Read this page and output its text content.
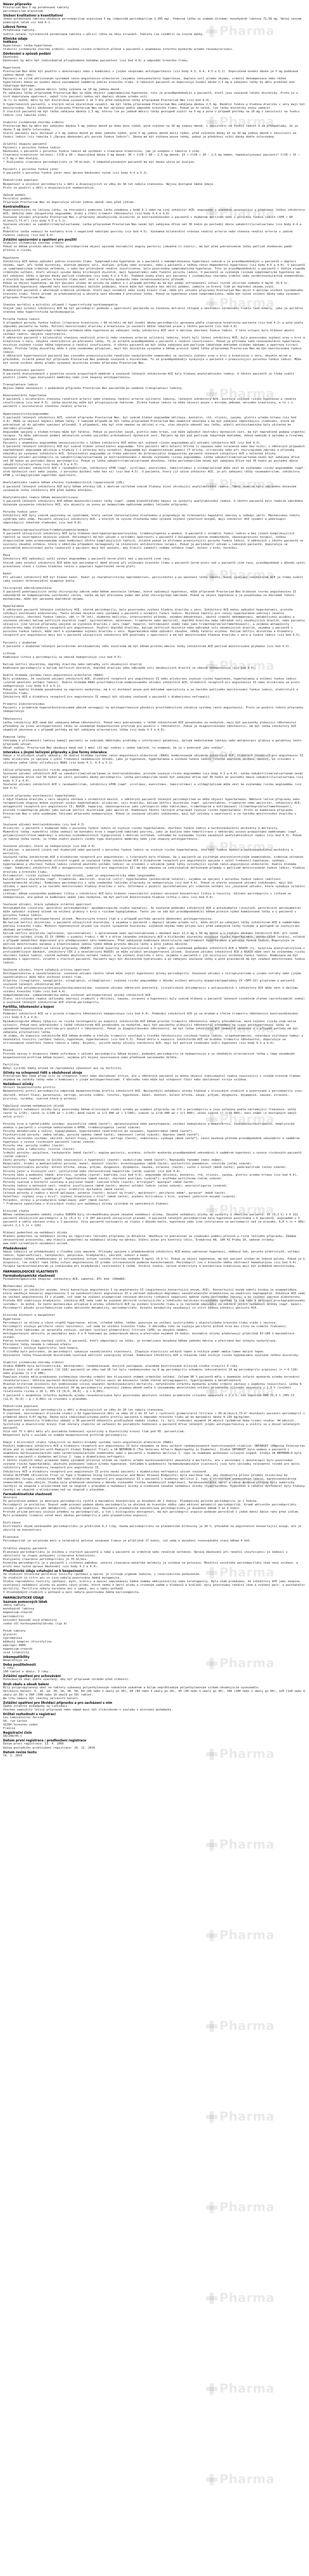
Název přípravku

Prestarium Neo 5 mg potahované tablety
perindoprilum argininum

Složení kvalitativní a kvantitativní

Jedna potahovaná tableta obsahuje perindoprilum argininum 5 mg (odpovídá perindoprilum 3,395 mg). Pomocná látka se známým účinkem: monohydrát laktosy 72,58 mg. Úplný seznam pomocných látek viz bod 6.1.

Léková forma

Potahovaná tableta.
Světle zelená, tyčinkovitá potahovaná tableta s půlicí rýhou na obou stranách. Tabletu lze rozdělit na stejné dávky.

Klinické údaje
Indikace

Hypertenze: léčba hypertenze.
Stabilní ischemická choroba srdeční: snížení rizika srdečních příhod u pacientů s anamnézou infarktu myokardu a/nebo revaskularizací.

Dávkování a způsob podání

Dávkování
Dávkování by mělo být individuálně přizpůsobeno každému pacientovi (viz bod 4.4) a odpovědi krevního tlaku.

Hypertenze
Prestarium Neo může být použito v monoterapii nebo v kombinaci s jinými skupinami antihypertenziv (viz body 4.3, 4.4, 4.5 a 5.1). Doporučená úvodní dávka je 5 mg podávaná jednou denně ráno.
Pacienti se silně aktivovaným systémem renin-angiotensin-aldosteron (zejména renovaskulární hypertenze, deplece solí a/nebo objemu, srdeční dekompenzace nebo těžká hypertenze) mohou po úvodní dávce zaznamenat nadměrný pokles krevního tlaku. U takových pacientů se doporučuje úvodní dávka 2,5 mg a zahájení léčby by mělo probíhat pod lékařským dohledem.
Dávka může být po jednom měsíci léčby zvýšena na 10 mg jednou denně.
Po zahájení léčby přípravkem Prestarium Neo se může objevit symptomatická hypotenze; toto je pravděpodobnější u pacientů, kteří jsou současně léčeni diuretiky. Proto je u nich doporučena opatrnost, neboť tito pacienti mohou mít depleci objemu a/nebo solí.
Je-li to možné, mělo by být diuretikum vysazeno 2 až 3 dny před zahájením léčby přípravkem Prestarium Neo (viz bod 4.4).
U hypertenzních pacientů, u kterých nelze diuretikum vysadit, má být léčba přípravkem Prestarium Neo zahájena dávkou 2,5 mg. Renální funkce a hladina draslíku v séru mají být monitorovány. Další dávkování přípravku Prestarium Neo má být upraveno podle odpovědi krevního tlaku. Pokud je to nutné, lze léčbu diuretiky znovu zahájit.
U starších pacientů má být léčba zahájena dávkou 2,5 mg, kterou lze po jednom měsíci léčby postupně zvýšit na 5 mg a poté v případě potřeby na 10 mg v závislosti na funkci ledvin (viz tabulka níže).

Stabilní ischemická choroba srdeční
Prestarium Neo by mělo být zahájeno dávkou 5 mg jednou denně po dobu dvou týdnů, poté zvýšeno na 10 mg jednou denně, v závislosti na funkci ledvin a za předpokladu, že je dávka 5 mg dobře tolerována.
Starší pacienti mají dostávat 2,5 mg jednou denně po dobu jednoho týdne, poté 5 mg jednou denně další týden, před zvýšením dávky až na 10 mg jednou denně v závislosti na funkci ledvin (viz tabulka 1 „Úprava dávkování při poruše funkce ledvin“). Dávka má být zvýšena pouze tehdy, pokud je předchozí nižší dávka dobře tolerována.

Zvláštní skupiny pacientů
Pacienti s poruchou funkce ledvin
Dávkování u pacientů s poruchou funkce ledvin má vycházet z clearance kreatininu, jak je uvedeno v tabulce 1 níže.
Clearance kreatininu (ml/min): ClCR ≥ 60 — doporučená dávka 5 mg denně; 30 < ClCR < 60 — 2,5 mg denně; 15 < ClCR < 30 — 2,5 mg obden; hemodialyzovaní pacienti* ClCR < 15 — 2,5 mg v den dialýzy.
* Dialyzační clearance perindoprilátu je 70 ml/min. U hemodialyzovaných pacientů má být dávka užita po dialýze.

Pacienti s poruchou funkce jater
U pacientů s poruchou funkce jater není úprava dávkování nutná (viz body 4.4 a 5.2).

Pediatrická populace
Bezpečnost a účinnost perindoprilu u dětí a dospívajících ve věku do 18 let nebyla stanovena. Nejsou dostupné žádné údaje.
Proto se použití u dětí a dospívajících nedoporučuje.

Způsob podání
Perorální podání.
Přípravek Prestarium Neo se doporučuje užívat jednou denně ráno před jídlem.

Kontraindikace

Hypersenzitivita na léčivou látku, na kteroukoli pomocnou látku uvedenou v bodě 6.1 nebo na jiný inhibitor ACE; angioedém v anamnéze související s předchozí léčbou inhibitory ACE; dědičný nebo idiopatický angioedém; druhý a třetí trimestr těhotenství (viz body 4.4 a 4.6).
Současné užívání přípravku Prestarium Neo s přípravky obsahujícími aliskiren je kontraindikováno u pacientů s diabetem mellitem nebo s poruchou funkce ledvin (GFR < 60 ml/min/1,73 m²) (viz body 4.5 a 5.1).
Současné užívání se sakubitrilem/valsartanem. Léčba přípravkem Prestarium Neo nesmí být zahájena dříve než 36 hodin po poslední dávce sakubitrilu/valsartanu (viz body 4.4 a 4.5).
Mimotělní léčba vedoucí ke kontaktu krve s negativně nabitými povrchy (viz bod 4.5). Významná bilaterální stenóza renální arterie nebo stenóza renální arterie u jediné funkční ledviny (viz bod 4.4).

Zvláštní upozornění a opatření pro použití

Stabilní ischemická choroba srdeční
Pokud se během prvního měsíce léčby perindoprilem objeví epizoda nestabilní anginy pectoris (závažná či nikoli), má být před pokračováním léčby pečlivě zhodnocen poměr přínosu a rizika.

Hypotenze
Inhibitory ACE mohou způsobit pokles krevního tlaku. Symptomatická hypotenze je u pacientů s nekomplikovanou hypertenzí vzácná a je pravděpodobnější u pacientů s depleci objemu, např. při léčbě diuretiky, dietním omezení soli, dialýze, průjmu nebo zvracení, nebo u pacientů s těžkou renin-dependentní hypertenzí (viz body 4.5 a 4.8). U pacientů se symptomatickým srdečním selháním, s nebo bez přidružené renální insuficience, byla pozorována symptomatická hypotenze. Toto je pravděpodobnější u pacientů s těžším stupněm srdečního selhání, kteří užívají vysoké dávky kličkových diuretik, mají hyponatremii nebo funkční poruchu ledvin. U pacientů se zvýšeným rizikem symptomatické hypotenze má být zahájení léčby a úprava dávky pečlivě sledována (viz body 4.2 a 4.8). Podobné úvahy platí pro pacienty s ischemickou chorobou srdeční nebo cerebrovaskulárním onemocněním, u kterých by nadměrný pokles krevního tlaku mohl vést k infarktu myokardu nebo cerebrovaskulární příhodě.
Pokud se objeví hypotenze, má být pacient uložen do polohy na zádech a v případě potřeby mu má být podán intravenózní infuzí roztok chloridu sodného 9 mg/ml (0,9 %). Přechodná hypotenzní odpověď není kontraindikací dalšího podávání, které může být obvykle bez obtíží podáno, jakmile se krevní tlak po doplnění objemu zvýší.
U některých pacientů s městnavým srdečním selháním, kteří mají normální nebo nízký krevní tlak, může při užívání přípravku Prestarium Neo dojít k dalšímu snížení systémového krevního tlaku. Tento účinek je předvídatelný a obvykle není důvodem k přerušení léčby. Pokud se hypotenze stane symptomatickou, může být nutné snížení dávky nebo vysazení přípravku Prestarium Neo.

Stenóza aortální a mitrální chlopně / hypertrofická kardiomyopatie
Stejně jako ostatní inhibitory ACE má být perindopril podáván s opatrností pacientům se stenózou mitrální chlopně a obstrukcí výtokového traktu levé komory, jako je aortální stenóza nebo hypertrofická kardiomyopatie.

Porucha funkce ledvin
V případech poruchy funkce ledvin (clearance kreatininu < 60 ml/min) má být úvodní dávka perindoprilu upravena podle clearance kreatininu pacienta (viz bod 4.2) a poté podle odpovědi pacienta na léčbu. Rutinní monitorování draslíku a kreatininu je součástí běžné lékařské praxe u těchto pacientů (viz bod 4.8).
U pacientů se symptomatickým srdečním selháním může hypotenze po zahájení léčby inhibitory ACE vést k dalšímu zhoršení funkce ledvin. V této situaci bylo hlášeno akutní selhání ledvin, obvykle reverzibilní.
U některých pacientů s bilaterální stenózou renálních arterií nebo stenózou arterie solitární ledviny, kteří byli léčeni inhibitory ACE, bylo pozorováno zvýšení urey v krvi a kreatininu v séru, obvykle reverzibilní po přerušení léčby. To je zvláště pravděpodobné u pacientů s renální insuficiencí. Pokud je přítomna také renovaskulární hypertenze, existuje zvýšené riziko těžké hypotenze a renální insuficience. U těchto pacientů má být léčba zahájena pod pečlivým lékařským dohledem nízkými dávkami a opatrnou titrací dávky. Protože léčba diuretiky může k výše uvedenému přispívat, mají být diuretika vysazena a během prvních týdnů léčby přípravkem Prestarium Neo má být monitorována funkce ledvin.
U některých hypertenzních pacientů bez zjevného preexistujícího renálního vaskulárního onemocnění se vyvinulo zvýšení urey v krvi a kreatininu v séru, obvykle mírné a přechodné, zvláště pokud byl přípravek Prestarium Neo podáván současně s diuretikem. To se pravděpodobněji vyskytuje u pacientů s preexistující poruchou funkce ledvin. Může být nutné snížení dávky a/nebo vysazení diuretika a/nebo přípravku Prestarium Neo.

Hemodialyzovaní pacienti
U pacientů dialyzovaných s použitím vysoce propustných membrán a současně léčených inhibitorem ACE byly hlášeny anafylaktoidní reakce. U těchto pacientů je třeba zvážit použití jiného typu dialyzační membrány nebo jiné skupiny antihypertenziv.

Transplantace ledvin
Nejsou žádné zkušenosti s podáváním přípravku Prestarium Neo pacientům po nedávné transplantaci ledviny.

Renovaskulární hypertenze
U pacientů s bilaterální stenózou renálních arterií nebo stenózou renální arterie solitární ledviny, léčených inhibitory ACE, existuje zvýšené riziko hypotenze a renální insuficience (viz bod 4.3). Léčba diuretiky může být přispívajícím faktorem. Ztráta funkce ledvin se může objevit pouze s mírnými změnami sérového kreatininu, a to i u pacientů s unilaterální stenózou renální arterie.

Hypersenzitivita/angioedém
U pacientů léčených inhibitory ACE, včetně přípravku Prestarium Neo, byl vzácně hlášen angioedém obličeje, končetin, rtů, sliznic, jazyka, glottis a/nebo hrtanu (viz bod 4.8). Může se objevit kdykoli během léčby. V takovém případě má být léčba přípravkem Prestarium Neo okamžitě ukončena a má být zahájeno odpovídající sledování, které má pokračovat až do úplného vymizení příznaků. V případech, kdy byl otok omezen na obličej a rty, stav obvykle odezněl bez léčby, ačkoli antihistaminika byla užitečná ke zmírnění příznaků.
Angioedém spojený s otokem hrtanu může být fatální. Pokud je postižen jazyk, glottis nebo hrtan, což může způsobit obstrukci dýchacích cest, má být neprodleně podána urgentní terapie. Ta může zahrnovat podání adrenalinu a/nebo zajištění průchodnosti dýchacích cest. Pacient má být pod pečlivým lékařským dohledem, dokud nedojde k úplnému a trvalému vymizení příznaků.
Pacienti s anamnézou angioedému nesouvisejícího s léčbou inhibitory ACE mohou mít zvýšené riziko angioedému při užívání inhibitoru ACE (viz bod 4.3).
U pacientů léčených inhibitory ACE byl vzácně hlášen intestinální angioedém. Tito pacienti měli bolesti břicha (s nauzeou nebo zvracením nebo bez nich); v některých případech nepředcházel angioedém obličeje a hladiny C-1 esterázy byly normální. Angioedém byl diagnostikován pomocí CT břicha, ultrazvuku nebo při chirurgickém zákroku a příznaky odezněly po vysazení inhibitoru ACE. Intestinální angioedém je třeba zahrnout do diferenciální diagnostiky pacientů léčených inhibitory ACE s bolestmi břicha.
Současné užívání perindoprilu se sakubitrilem/valsartanem je kontraindikováno z důvodu zvýšeného rizika angioedému. Léčba sakubitrilem/valsartanem nesmí být zahájena dříve než 36 hodin po poslední dávce perindoprilu. Pokud je léčba sakubitrilem/valsartanem ukončena, léčba perindoprilem nesmí být zahájena dříve než 36 hodin po poslední dávce sakubitrilu/valsartanu (viz body 4.3 a 4.5).
Současné užívání inhibitorů ACE s racekadotrilem, inhibitory mTOR (např. sirolimus, everolimus, temsirolimus) a vildagliptinem může vést ke zvýšenému riziku angioedému (např. otok dýchacích cest nebo jazyka, s poruchou dýchání nebo bez ní) (viz bod 4.5). U pacienta, který již užívá inhibitor ACE, je při zahájení léčby racekadotrilem, inhibitory mTOR a vildagliptinem zapotřebí opatrnosti.

Anafylaktoidní reakce během aferézy nízkodenzitních lipoproteinů (LDL)
U pacientů léčených inhibitory ACE byly během aferézy LDL s dextran-sulfátem vzácně hlášeny život ohrožující anafylaktoidní reakce. Těmto reakcím bylo zabráněno dočasným vysazením léčby inhibitory ACE před každou aferézou.

Anafylaktoidní reakce během desenzibilizace
U pacientů léčených inhibitory ACE během desenzibilizační léčby (např. jedem blanokřídlého hmyzu) se vyskytly anafylaktoidní reakce. U těchto pacientů bylo reakcím zabráněno dočasným vysazením inhibitoru ACE, ale objevily se znovu po neúmyslném opětovném podání léčivého přípravku.

Porucha funkce jater
Inhibitory ACE byly vzácně spojovány se syndromem, který začíná cholestatickou žloutenkou a progreduje do fulminantní hepatální nekrózy a (někdy) smrti. Mechanismus tohoto syndromu není znám. Pacienti užívající inhibitory ACE, u kterých se vyvine žloutenka nebo výrazné zvýšení jaterních enzymů, mají inhibitor ACE vysadit a podstoupit odpovídající lékařské sledování (viz bod 4.8).

Neutropenie/agranulocytóza/trombocytopenie/anemie
U pacientů užívajících inhibitory ACE byla hlášena neutropenie/agranulocytóza, trombocytopenie a anemie. U pacientů s normální funkcí ledvin a bez jiných komplikujících faktorů se neutropenie objevuje vzácně. Perindopril má být užíván s extrémní opatrností u pacientů s kolagenním cévním onemocněním, imunosupresivní terapií, léčbou alopurinolem nebo prokainamidem nebo kombinací těchto komplikujících faktorů, zvláště pokud je přítomna preexistující porucha funkce ledvin. U některých z těchto pacientů se vyvinuly závažné infekce, které v několika případech nereagovaly na intenzivní antibiotickou terapii. Pokud je perindopril užíván u takových pacientů, doporučuje se pravidelné monitorování počtu leukocytů a pacienti mají být poučeni, aby hlásili jakékoli známky infekce (např. bolest v krku, horečku).

Rasa
Inhibitory ACE způsobují vyšší výskyt angioedému u pacientů černé pleti než u pacientů jiné rasy.
Stejně jako ostatní inhibitory ACE může být perindopril méně účinný při snižování krevního tlaku u pacientů černé pleti než u pacientů jiné rasy, pravděpodobně z důvodu vyšší prevalence stavů s nízkou hladinou reninu v populaci hypertoniků černé pleti.

Kašel
Při užívání inhibitorů ACE byl hlášen kašel. Kašel je charakteristicky neproduktivní, perzistentní a po ukončení léčby odezní. Kašel vyvolaný inhibitorem ACE je třeba zvážit jako součást diferenciální diagnózy kašle.

Chirurgický zákrok/anestezie
U pacientů podstupujících velký chirurgický zákrok nebo během anestezie látkami, které způsobují hypotenzi, může přípravek Prestarium Neo blokovat tvorbu angiotenzinu II sekundárně ke kompenzačnímu uvolňování reninu. Léčba má být přerušena jeden den před chirurgickým zákrokem. Pokud se objeví hypotenze a je považována za důsledek tohoto mechanismu, může být upravena doplněním objemu.

Hyperkalemie
U některých pacientů léčených inhibitory ACE, včetně perindoprilu, bylo pozorováno zvýšení hladiny draslíku v séru. Inhibitory ACE mohou způsobit hyperkalemii, protože inhibují uvolňování aldosteronu. Tento účinek obvykle není významný u pacientů s normální funkcí ledvin. Rizikové faktory pro rozvoj hyperkalemie zahrnují renální insuficienci, zhoršení funkce ledvin, věk (> 70 let), diabetes mellitus, intercurentní příhody, zejména dehydrataci, akutní srdeční dekompenzaci, metabolickou acidózu a současné užívání kalium šetřících diuretik (např. spironolakton, eplerenon, triamteren nebo amilorid), doplňků draslíku nebo náhražek soli obsahujících draslík, nebo pacienty užívající jiné léčivé přípravky spojené se zvýšením draslíku v séru (např. heparin, kotrimoxazol známý také jako trimethoprim/sulfamethoxazol), a zejména antagonisty aldosteronu nebo blokátory receptorů pro angiotenzin. Použití doplňků draslíku, kalium šetřících diuretik nebo náhražek soli obsahujících draslík, zejména u pacientů s poruchou funkce ledvin, může vést k významnému zvýšení draslíku v séru. Hyperkalemie může způsobit závažné, někdy fatální arytmie. Kalium šetřící diuretika a blokátory receptorů pro angiotenzin mají být u pacientů užívajících inhibitory ACE používány s opatrností a má být monitorována hladina draslíku v séru a funkce ledvin (viz bod 4.5).

Pacienti s diabetem
U pacientů s diabetem léčených perorálními antidiabetiky nebo inzulinem má být během prvního měsíce léčby inhibitorem ACE pečlivě monitorována glykemie (viz bod 4.5).

Lithium
Kombinace lithia a perindoprilu se obecně nedoporučuje (viz bod 4.5).

Kalium šetřící diuretika, doplňky draslíku nebo náhražky soli obsahující draslík
Kombinace perindoprilu a kalium šetřících diuretik, doplňků draslíku nebo náhražek soli obsahujících draslík se obecně nedoporučuje (viz bod 4.5).

Duální blokáda systému renin-angiotenzin-aldosteron (RAAS)
Bylo prokázáno, že současné užívání inhibitorů ACE, blokátorů receptorů pro angiotenzin II nebo aliskirenu zvyšuje riziko hypotenze, hyperkalemie a snížení funkce ledvin (včetně akutního selhání ledvin). Duální blokáda RAAS prostřednictvím kombinovaného užívání inhibitorů ACE, blokátorů receptorů pro angiotenzin II nebo aliskirenu se proto nedoporučuje (viz body 4.5 a 5.1).
Pokud je duální blokáda považována za naprosto nezbytnou, má k ní docházet pouze pod dohledem specialisty a za častého pečlivého monitorování funkce ledvin, elektrolytů a krevního tlaku.
Inhibitory ACE a blokátory receptorů pro angiotenzin II nemají být užívány současně u pacientů s diabetickou nefropatií.

Primární aldosteronismus
Pacienti s primárním hyperaldosteronismem obecně nereagují na antihypertenziva působící prostřednictvím inhibice systému renin-angiotenzin. Proto se použití tohoto přípravku nedoporučuje.

Těhotenství
Léčba inhibitory ACE nemá být zahájena během těhotenství. Pokud není pokračování v léčbě inhibitorem ACE považováno za nezbytné, mají být pacientky plánující těhotenství převedeny na jinou antihypertenzní léčbu se zavedeným bezpečnostním profilem pro použití v těhotenství. Pokud je diagnostikováno těhotenství, má být léčba inhibitory ACE okamžitě ukončena a v případě potřeby má být zahájena alternativní léčba (viz body 4.3 a 4.6).

Pomocné látky
Vzhledem k přítomnosti laktosy nemají pacienti se vzácnými dědičnými problémy s intolerancí galaktosy, úplným nedostatkem laktázy nebo malabsorpcí glukosy a galaktosy tento přípravek užívat.
Obsah sodíku: Prestarium Neo obsahuje méně než 1 mmol (23 mg) sodíku v jedné tabletě, to znamená, že je v podstatě „bez sodíku“.

Interakce s jinými léčivými přípravky a jiné formy interakce

Údaje z klinických studií ukázaly, že duální blokáda systému renin-angiotenzin-aldosteron (RAAS) kombinovaným užíváním inhibitorů ACE, blokátorů receptorů pro angiotenzin II nebo aliskirenu je spojena s vyšší frekvencí nežádoucích účinků, jako je hypotenze, hyperkalemie a snížená funkce ledvin (včetně akutního selhání ledvin), ve srovnání s užíváním jedné látky ovlivňující RAAS (viz body 4.3, 4.4 a 5.1).

Léčivé přípravky zvyšující riziko angioedému
Současné užívání inhibitorů ACE se sakubitrilem/valsartanem je kontraindikováno, protože zvyšuje riziko angioedému (viz body 4.3 a 4.4). Léčba sakubitrilem/valsartanem nesmí být zahájena dříve než 36 hodin po užití poslední dávky perindoprilu. Léčba perindoprilem nesmí být zahájena dříve než 36 hodin po poslední dávce sakubitrilu/valsartanu (viz body 4.3 a 4.4).
Současné užívání inhibitorů ACE s racekadotrilem, inhibitory mTOR (např. sirolimus, everolimus, temsirolimus) a vildagliptinem může vést ke zvýšenému riziku angioedému (viz bod 4.4).

Léčivé přípravky vyvolávající hyperkalemii
I když hladina draslíku v séru obvykle zůstává v normálních mezích, u některých pacientů léčených perindoprilem se může objevit hyperkalemie. Některé léčivé přípravky nebo terapeutické skupiny mohou zvyšovat výskyt hyperkalemie: aliskiren, soli draslíku, kalium šetřící diuretika (např. spironolakton, triamteren nebo amilorid), inhibitory ACE, antagonisté receptorů pro angiotenzin II, NSAID, hepariny, imunosupresiva jako cyklosporin nebo takrolimus, trimethoprim a kotrimoxazol (trimethoprim/sulfamethoxazol), protože trimethoprim působí jako kalium šetřící diuretikum jako amilorid. Kombinace těchto léčivých přípravků zvyšuje riziko hyperkalemie. Proto se kombinace přípravku Prestarium Neo s výše uvedenými léčivými přípravky nedoporučuje. Pokud je současné užívání indikováno, mají být užívány s opatrností a za častého monitorování draslíku v séru.

Současné užívání kontraindikováno (viz bod 4.3)
Aliskiren: u pacientů s diabetem nebo s poruchou funkce ledvin se zvyšuje riziko hyperkalemie, zhoršení funkce ledvin a kardiovaskulární morbidity a mortality.
Mimotělní léčba: mimotělní léčba vedoucí ke kontaktu krve s negativně nabitými povrchy, jako je dialýza nebo hemofiltrace s některými vysoce propustnými membránami (např. polyakrylonitrilové membrány) a aferéza nízkodenzitních lipoproteinů s dextran-sulfátem, vzhledem ke zvýšenému riziku závažných anafylaktoidních reakcí (viz bod 4.3). Pokud je taková léčba nutná, je třeba zvážit použití jiného typu dialyzační membrány nebo jiné skupiny antihypertenziv.

Současné užívání, které se nedoporučuje (viz bod 4.4)
Aliskiren: u pacientů jiných než diabetiků nebo pacientů s poruchou funkce ledvin se zvyšuje riziko hyperkalemie, zhoršení funkce ledvin a kardiovaskulární morbidity a mortality.
Současná léčba inhibitorem ACE a blokátorem receptorů pro angiotenzin: v literatuře bylo hlášeno, že u pacientů se zjištěným aterosklerotickým onemocněním, srdečním selháním nebo s diabetem s poškozením cílových orgánů je současná léčba inhibitorem ACE a blokátorem receptorů pro angiotenzin spojena s vyšší frekvencí hypotenze, synkopy, hyperkalemie a zhoršení funkce ledvin (včetně akutního selhání ledvin) ve srovnání s užíváním jedné látky ovlivňující systém renin-angiotenzin-aldosteron. Duální blokáda (např. kombinací inhibitoru ACE s antagonistou receptorů pro angiotenzin II) má být omezena na individuálně definované případy s pečlivým monitorováním funkce ledvin, hladiny draslíku a krevního tlaku.
Estramustin: riziko zvýšení nežádoucích účinků, jako je angioneurotický edém (angioedém).
Kalium šetřící diuretika (např. triamteren, amilorid), draslík (soli): hyperkalemie (potenciálně letální), zejména ve spojení s poruchou funkce ledvin (aditivní hyperkalemické účinky). Kombinace perindoprilu s výše uvedenými léčivými přípravky se nedoporučuje (viz bod 4.4). Pokud je přesto současné užívání indikováno, mají být užívány s opatrností a za častého monitorování hladiny draslíku v séru. Informace o použití spironolaktonu při srdečním selhání viz „Současné užívání, které vyžaduje zvláštní opatrnost“.
Lithium: během současného podávání lithia s inhibitory ACE bylo hlášeno reverzibilní zvýšení sérových koncentrací lithia a toxicity. Užívání perindoprilu s lithiem se nedoporučuje, ale pokud se kombinace ukáže jako nezbytná, má být pečlivě monitorována hladina lithia v séru (viz bod 4.4).

Současné užívání, které vyžaduje zvláštní opatrnost
Antidiabetika (inzuliny, perorální antidiabetika): epidemiologické studie naznačují, že současné podávání inhibitorů ACE a antidiabetik (inzulinů, perorálních antidiabetik) může způsobit zvýšený účinek na snížení glukosy v krvi s rizikem hypoglykemie. Tento jev se zdá být pravděpodobnější během prvních týdnů kombinované léčby a u pacientů s poruchou funkce ledvin.
Baklofen: zvýšený antihypertenzní účinek. Monitorujte krevní tlak a v případě potřeby upravte dávkování antihypertenziva.
Ne-kalium šetřící diuretika: u pacientů užívajících diuretika, a zejména u pacientů s depleci objemu a/nebo solí, může dojít po zahájení léčby inhibitorem ACE k nadměrnému poklesu krevního tlaku. Možnost hypotenzních účinků lze snížit vysazením diuretika, zvýšením objemu nebo příjmu soli před zahájením léčby nízkými a postupně se zvyšujícími dávkami perindoprilu.
Kalium šetřící diuretika (eplerenon, spironolakton): s eplerenonem nebo spironolaktonem v dávkách mezi 12,5 mg a 50 mg denně a s nízkými dávkami inhibitorů ACE: při léčbě srdečního selhání třídy II-IV (NYHA) s ejekční frakcí < 40 % a dříve léčeného inhibitory ACE a kličkovými diuretiky existuje riziko hyperkalemie, potenciálně letální, zvláště v případě nedodržení doporučení pro předepisování této kombinace. Před zahájením kombinace zkontrolujte nepřítomnost hyperkalemie a poruchy funkce ledvin. Doporučuje se pečlivé monitorování kalemie a kreatininemie jednou týdně během prvního měsíce léčby a poté jednou měsíčně.
Nesteroidní protizánětlivé léčivé přípravky (NSAID) včetně kyseliny acetylsalicylové ≥ 3 g/den: při současném podávání inhibitorů ACE s NSAID (tj. kyselina acetylsalicylová v protizánětlivých dávkách, inhibitory COX-2 a neselektivní NSAID) se může oslabit antihypertenzní účinek. Současné užívání inhibitorů ACE a NSAID může vést ke zvýšenému riziku zhoršení funkce ledvin, včetně možného akutního selhání ledvin, a ke zvýšení draslíku v séru, zejména u pacientů s již existující sníženou funkcí ledvin. Kombinace má být podávána s opatrností, zvláště u starších pacientů. Pacienti mají být dostatečně hydratováni a po zahájení současné léčby a poté pravidelně má být zváženo monitorování funkce ledvin.

Současné užívání, které vyžaduje určitou opatrnost
Antihypertenziva a vazodilatancia: současné užívání těchto látek může zvýšit hypotenzní účinky perindoprilu. Současné užívání s nitroglycerinem a jinými nitráty nebo jinými vazodilatancii může dále snižovat krevní tlak.
Gliptiny (linagliptin, saxagliptin, sitagliptin, vildagliptin): zvýšené riziko angioedému z důvodu snížení aktivity dipeptidylpeptidázy IV (DPP-IV) gliptinem u pacientů současně léčených inhibitorem ACE.
Tricyklická antidepresiva/antipsychotika/anestetika: současné užívání některých anestetik, tricyklických antidepresiv a antipsychotik s inhibitory ACE může vést k dalšímu snížení krevního tlaku (viz bod 4.4).
Sympatomimetika: sympatomimetika mohou snižovat antihypertenzní účinky inhibitorů ACE.
Zlato: nitritoidní reakce (příznaky zahrnují zrudnutí v obličeji, nauzeu, zvracení a hypotenzi) byly vzácně hlášeny u pacientů léčených injekčním zlatem (aurothiomalát sodný) a současně léčených inhibitorem ACE včetně perindoprilu.

Fertilita, těhotenství a kojení

Těhotenství
Podávání inhibitorů ACE se v prvním trimestru těhotenství nedoporučuje (viz bod 4.4). Podávání inhibitorů ACE je ve druhém a třetím trimestru těhotenství kontraindikováno (viz body 4.3 a 4.4).
Epidemiologické důkazy týkající se rizika teratogenity po expozici inhibitorům ACE během prvního trimestru těhotenství nebyly přesvědčivé; malé zvýšení rizika však nelze vyloučit. Pokud není pokračování v léčbě inhibitorem ACE považováno za nezbytné, mají být pacientky plánující těhotenství převedeny na jinou antihypertenzní léčbu se zavedeným bezpečnostním profilem pro použití v těhotenství. Pokud je diagnostikováno těhotenství, má být léčba inhibitory ACE okamžitě ukončena a v případě potřeby má být zahájena alternativní léčba.
Je známo, že expozice inhibitorům ACE během druhého a třetího trimestru vyvolává u člověka fetotoxicitu (snížená funkce ledvin, oligohydramnion, retardace osifikace lebky) a neonatální toxicitu (selhání ledvin, hypotenze, hyperkalemie) (viz bod 5.3). Pokud došlo k expozici inhibitorům ACE od druhého trimestru těhotenství, doporučuje se ultrazvukové vyšetření funkce ledvin a lebky. Kojenci, jejichž matky užívaly inhibitory ACE, mají být pečlivě sledováni kvůli hypotenzi (viz body 4.3 a 4.4).

Kojení
Protože nejsou k dispozici žádné informace o užívání perindoprilu během kojení, podávání perindoprilu se nedoporučuje a je vhodnější alternativní léčba s lépe zavedeným bezpečnostním profilem během kojení, zejména při kojení novorozence nebo předčasně narozeného dítěte.

Fertilita
Nebyl zjištěn žádný účinek na reprodukční výkonnost ani na fertilitu.

Účinky na schopnost řídit a obsluhovat stroje

Prestarium Neo nemá přímý vliv na schopnost řídit nebo obsluhovat stroje, ale u některých pacientů se mohou objevit individuální reakce související s nízkým krevním tlakem, zejména na začátku léčby nebo v kombinaci s jiným antihypertenzivem. V důsledku toho může být schopnost řídit nebo obsluhovat stroje snížena.

Nežádoucí účinky

Shrnutí bezpečnostního profilu
Bezpečnostní profil perindoprilu odpovídá bezpečnostnímu profilu inhibitorů ACE. Nejčastější nežádoucí účinky hlášené v klinických studiích a pozorované u perindoprilu jsou: závratě, bolest hlavy, parestezie, vertigo, poruchy vidění, tinitus, hypotenze, kašel, dušnost, bolest břicha, zácpa, průjem, dysgeuzie, dyspepsie, nauzea, zvracení, pruritus, vyrážka, svalové křeče a astenie.

Tabulkový seznam nežádoucích účinků
Následující nežádoucí účinky byly pozorovány během klinických studií a/nebo po uvedení přípravku na trh u perindoprilu a jsou seřazeny podle následující frekvence: velmi časté (≥ 1/10); časté (≥ 1/100 až < 1/10); méně časté (≥ 1/1 000 až < 1/100); vzácné (≥ 1/10 000 až < 1/1 000); velmi vzácné (< 1/10 000); není známo (z dostupných údajů nelze určit).

Poruchy krve a lymfatického systému: eozinofilie (méně časté*); agranulocytóza nebo pancytopenie, snížení hemoglobinu a hematokritu, leukopenie/neutropenie, hemolytická anemie u pacientů s vrozeným nedostatkem G-6PDH, trombocytopenie (velmi vzácné).
Poruchy metabolismu a výživy: hypoglykemie, hyperkalemie reverzibilní po vysazení, hyponatremie (méně časté*).
Psychiatrické poruchy: změny nálady, poruchy spánku (méně časté); zmatenost (velmi vzácné); deprese (méně časté*).
Poruchy nervového systému: závratě, bolest hlavy, parestezie, vertigo (časté); somnolence, synkopa (méně časté*); cévní mozková příhoda pravděpodobně sekundární k nadměrné hypotenzi u vysoce rizikových pacientů (velmi vzácné).
Poruchy oka: poruchy vidění (časté).
Poruchy ucha a labyrintu: tinitus (časté).
Srdeční poruchy: palpitace, tachykardie (méně časté*); angina pectoris, arytmie, infarkt myokardu pravděpodobně sekundární k nadměrné hypotenzi u vysoce rizikových pacientů (velmi vzácné).
Cévní poruchy: hypotenze (a účinky související s hypotenzí) (časté); vaskulitida (méně časté*); Raynaudův fenomén (není známo).
Respirační, hrudní a mediastinální poruchy: kašel, dušnost (časté); bronchospasmus (méně časté); eozinofilní pneumonie, rinitida (velmi vzácné).
Gastrointestinální poruchy: bolest břicha, zácpa, průjem, dysgeuzie, dyspepsie, nauzea, zvracení (časté); sucho v ústech (méně časté); pankreatitida (velmi vzácné).
Poruchy jater a žlučových cest: cytolytická nebo cholestatická hepatitida (velmi vzácné) (viz bod 4.4).
Poruchy kůže a podkožní tkáně: pruritus, vyrážka (časté); kopřivka (viz bod 4.4), angioedém obličeje, končetin, rtů, sliznic, jazyka, glottis a/nebo hrtanu (viz bod 4.4), fotosenzitivní reakce*, pemfigoid*, hyperhidróza (méně časté); zhoršení psoriázy (vzácné*); erythema multiforme (velmi vzácné).
Poruchy svalové a kosterní soustavy a pojivové tkáně: svalové křeče (časté); artralgie*, myalgie* (méně časté).
Poruchy ledvin a močových cest: renální insuficience (méně časté); akutní selhání ledvin (velmi vzácné); anurie/oligurie (vzácné).
Poruchy reprodukčního systému a prsu: erektilní dysfunkce (méně časté).
Celkové poruchy a reakce v místě aplikace: astenie (časté); bolest na hrudi*, malátnost*, periferní edém*, pyrexie* (méně časté).
Vyšetření: zvýšení urey v krvi*, zvýšení kreatininu v krvi* (méně časté); zvýšení bilirubinu v krvi, zvýšení jaterních enzymů (vzácné).
Poranění, otravy a procedurální komplikace: pád* (méně časté).
* Frekvence vypočítána z klinických studií pro nežádoucí účinky zjištěné ze spontánních hlášení.

Klinické studie
Během randomizovaného období studie EUROPA byly shromažďovány pouze závažné nežádoucí účinky. Závažné nežádoucí účinky se vyskytly u několika pacientů: 16 (0,3 %) z 6 122 pacientů užívajících perindopril a 12 (0,2 %) z 6 107 pacientů užívajících placebo. U pacientů léčených perindoprilem byla hypotenze pozorována u 6 pacientů, angioedém u 3 pacientů a náhlá zástava srdce u 1 pacienta. Více pacientů vystoupilo ze studie z důvodu kašle, hypotenze nebo jiné intolerance na perindopril než na placebo, 6,0 % (n = 366) oproti 2,1 % (n = 129).

Hlášení podezření na nežádoucí účinky
Hlášení podezření na nežádoucí účinky po registraci léčivého přípravku je důležité. Umožňuje to pokračovat ve sledování poměru přínosů a rizik léčivého přípravku. Žádáme zdravotnické pracovníky, aby hlásili podezření na nežádoucí účinky na adresu: Státní ústav pro kontrolu léčiv, Šrobárova 48, 100 41 Praha 10, webové stránky: www.sukl.cz/nahlasit-nezadouci-ucinek.

Předávkování

Údaje týkající se předávkování u člověka jsou omezené. Příznaky spojené s předávkováním inhibitory ACE mohou zahrnovat hypotenzi, oběhový šok, poruchy elektrolytů, selhání ledvin, hyperventilaci, tachykardii, palpitace, bradykardii, závratě, úzkost a kašel.
Doporučenou léčbou předávkování je intravenózní infuze roztoku chloridu sodného 9 mg/ml (0,9 %). Pokud se objeví hypotenze, má být pacient uložen do šokové polohy. Pokud je k dispozici, lze zvážit také léčbu infuzí angiotenzinu II a/nebo intravenózním podáním katecholaminů. Perindopril lze z krevního oběhu odstranit hemodialýzou (viz bod 4.4). Terapie kardiostimulátorem je indikována při bradykardii rezistentní k léčbě. Vitální funkce, sérové elektrolyty a koncentrace kreatininu mají být průběžně monitorovány.

FARMAKOLOGICKÉ VLASTNOSTI
Farmakodynamické vlastnosti

Farmakoterapeutická skupina: inhibitory ACE, samotné, ATC kód: C09AA04.

Mechanismus účinku
Perindopril je inhibitor enzymu, který konvertuje angiotenzin I na angiotenzin II (angiotenzin konvertující enzym, ACE). Konvertující enzym neboli kináza je exopeptidáza, která umožňuje konverzi angiotenzinu I na vazokonstrikční angiotenzin II a zároveň způsobuje degradaci vazodilatačního bradykininu na neaktivní heptapeptid. Inhibice ACE vede ke snížení angiotenzinu II v plazmě, což vede ke zvýšení plazmatické reninové aktivity (inhibicí negativní zpětné vazby uvolňování reninu) a ke snížení sekrece aldosteronu. Protože ACE inaktivuje bradykinin, inhibice ACE vede také ke zvýšené aktivitě cirkulujícího a lokálního kalikrein-kininového systému (a tím také k aktivaci prostaglandinového systému). Je možné, že tento mechanismus přispívá k účinku inhibitorů ACE na snížení krevního tlaku a je částečně odpovědný za některé jejich nežádoucí účinky (např. kašel).
Perindopril působí prostřednictvím svého aktivního metabolitu, perindoprilátu. Ostatní metabolity nevykazují in vitro žádnou inhibici aktivity ACE.

Klinická účinnost a bezpečnost
Hypertenze
Perindopril je účinný u všech stupňů hypertenze: mírné, středně těžké, těžké; pozoruje se snížení systolického i diastolického krevního tlaku vleže i vestoje.
Perindopril snižuje periferní cévní rezistenci, což vede ke snížení krevního tlaku. V důsledku toho se zvyšuje periferní průtok krve bez vlivu na srdeční frekvenci.
Průtok krve ledvinami se zpravidla zvyšuje, zatímco rychlost glomerulární filtrace (GFR) se obvykle nemění.
Antihypertenzní aktivita je maximální mezi 4 a 6 hodinami po jednorázové dávce a přetrvává nejméně 24 hodin: minimální účinky představují přibližně 87–100 % maximálních účinků.
Pokles krevního tlaku nastává rychle. U pacientů, kteří odpovídají na léčbu, je normalizace dosažena během jednoho měsíce a přetrvává bez výskytu tachyfylaxe.
Přerušení léčby nevede k rebound efektu.
Perindopril snižuje hypertrofii levé komory.
U člověka bylo potvrzeno, že perindopril vykazuje vazodilatační vlastnosti. Zlepšuje elasticitu velkých tepen a snižuje poměr média:lumen malých tepen.
Adjuvantní léčba thiazidovým diuretikem vyvolává aditivní synergický účinek. Kombinace inhibitoru ACE a thiazidu také snižuje riziko hypokalemie vyvolané léčbou diuretiky.

Stabilní ischemická choroba srdeční
Studie EUROPA byla multicentrická, mezinárodní, randomizovaná, dvojitě zaslepená, placebem kontrolovaná klinická studie trvající 4 roky.
Dvanáct tisíc dvě stě osmnáct (12 218) pacientů ve věku nad 18 let bylo randomizováno na 8 mg perindoprilu erbuminu (ekvivalentní 10 mg perindoprilu argininu) (n = 6 110) nebo placebo (n = 6 108).
Populace studie měla prokázanou ischemickou chorobu srdeční bez klinických známek srdečního selhání. Celkem 90 % pacientů mělo v anamnéze infarkt myokardu a/nebo koronární revaskularizaci. Většina pacientů dostávala studijní léčivo navíc ke konvenční léčbě včetně antiagregancií, hypolipidemik a betablokátorů.
Hlavním kritériem účinnosti byl kombinovaný cílový ukazatel kardiovaskulární mortality, nefatálního infarktu myokardu a/nebo srdeční zástavy s úspěšnou resuscitací. Léčba 8 mg perindoprilu erbuminu (ekvivalentní 10 mg perindoprilu argininu) jednou denně vedla k významnému absolutnímu snížení primárního cílového ukazatele o 1,9 % (snížení relativního rizika o 20 %, 95% CI [9,4; 28,6] – p < 0,001).
U pacientů s anamnézou infarktu myokardu a/nebo revaskularizace bylo pozorováno absolutní snížení primárního cílového ukazatele o 2,2 %, což odpovídá RRR 22,4 % (95% CI [12,0; 31,6] – p < 0,001) ve srovnání s placebem.

Pediatrická populace
Bezpečnost a účinnost perindoprilu u dětí a dospívajících ve věku do 18 let nebyla stanovena.
V otevřené, nesrovnávací klinické studii u 62 hypertenzních dětí ve věku od 2 do 15 let s rychlostí glomerulární filtrace > 30 ml/min/1,73 m² dostávali pacienti perindopril v průměrné dávce 0,07 mg/kg. Dávka byla individualizována podle profilu pacienta a odpovědi krevního tlaku až do maximální dávky 0,135 mg/kg/den.
59 pacientů dokončilo tříměsíční období a 36 pacientů dokončilo prodloužené období studie, tj. byli sledováni nejméně 24 měsíců (průměrná doba trvání studie: 44 měsíců).
Systolický a diastolický krevní tlak zůstaly stabilní od zařazení do posledního hodnocení u pacientů dříve léčených jinými antihypertenzivy a snížily se u dosud neléčených pacientů.
Více než 75 % dětí mělo při posledním hodnocení systolický a diastolický krevní tlak pod 95. percentilem.
Bezpečnost byla v souladu se známým bezpečnostním profilem perindoprilu.

Údaje z klinických studií týkajících se duální blokády systému renin-angiotenzin-aldosteron (RAAS)
Použití kombinace inhibitoru ACE a blokátoru receptorů pro angiotenzin II bylo zkoumáno ve dvou velkých randomizovaných kontrolovaných studiích: ONTARGET (ONgoing Telmisartan Alone and in combination with Ramipril Global Endpoint Trial) a VA NEPHRON-D (The Veterans Affairs Nephropathy in Diabetes). Studie ONTARGET byla vedena u pacientů s anamnézou kardiovaskulárního nebo cerebrovaskulárního onemocnění nebo u pacientů s diabetes mellitus 2. typu se známkami poškození cílových orgánů. Studie VA NEPHRON-D byla vedena u pacientů s diabetes mellitus 2. typu a diabetickou nefropatií.
V těchto studiích nebyl prokázán žádný významně příznivý účinek na renální a/nebo kardiovaskulární ukazatele a mortalitu, ale v porovnání s monoterapií bylo pozorováno zvýšené riziko hyperkalemie, akutního poškození ledvin a/nebo hypotenze. Vzhledem k podobnosti farmakodynamických vlastností jsou tyto výsledky relevantní rovněž pro další inhibitory ACE a blokátory receptorů pro angiotenzin II.
Inhibitory ACE a blokátory receptorů pro angiotenzin II proto nesmí pacienti s diabetickou nefropatií užívat současně.
Studie ALTITUDE (Aliskiren Trial in Type 2 Diabetes Using Cardiovascular and Renal Disease Endpoints) byla navržena tak, aby zhodnotila přínos přidání aliskirenu ke standardní terapii inhibitorem ACE nebo blokátorem receptorů pro angiotenzin II u pacientů s diabetes mellitus 2. typu a chronickým onemocněním ledvin, kardiovaskulárním onemocněním, nebo obojím. Studie byla předčasně ukončena z důvodu zvýšeného rizika nežádoucích komplikací. Kardiovaskulární úmrtí a cévní mozková příhoda byly numericky častější ve skupině s aliskirenem než ve skupině s placebem a nežádoucí účinky a sledované závažné nežádoucí účinky (hyperkalemie, hypotenze a renální dysfunkce) byly hlášeny častěji ve skupině s aliskirenem než ve skupině s placebem.

Farmakokinetické vlastnosti

Absorpce
Po perorálním podání je absorpce perindoprilu rychlá a maximální koncentrace je dosaženo do 1 hodiny. Plazmatický poločas perindoprilu je 1 hodina.
Perindopril je proléčivo. Dvacet sedm procent podané dávky perindoprilu se dostává do krevního oběhu jako aktivní metabolit perindoprilát. Kromě aktivního perindoprilátu vzniká z perindoprilu pět metabolitů, všechny neaktivní. Maximální plazmatické koncentrace perindoprilátu je dosaženo během 3 až 4 hodin.
Protože příjem potravy snižuje přeměnu na perindoprilát, a tím i biologickou dostupnost, má být perindopril arginin podáván perorálně v jedné denní dávce ráno před jídlem.
Bylo prokázáno lineární vztah mezi dávkou perindoprilu a jeho plazmatickou expozicí.

Distribuce
Distribuční objem nevázaného perindoprilátu je přibližně 0,2 l/kg. Vazba perindoprilátu na plazmatické bílkoviny je 20 %, převážně na angiotenzin konvertující enzym, ale je závislá na koncentraci.

Eliminace
Perindoprilát je vylučován močí a terminální poločas nevázané frakce je přibližně 17 hodin, což vede k dosažení rovnovážného stavu během 4 dnů.

Zvláštní skupiny pacientů
Eliminace perindoprilátu je snížena u starších pacientů a také u pacientů se srdečním nebo renálním selháním. Úprava dávkování při renální insuficienci je žádoucí v závislosti na stupni poškození (clearance kreatininu).
Dialyzační clearance perindoprilátu je 70 ml/min.
Kinetika perindoprilu je u pacientů s cirhózou změněna: jaterní clearance mateřské molekuly je snížena na polovinu. Množství vzniklého perindoprilátu však není sníženo, a proto není nutná úprava dávkování (viz body 4.2 a 4.4).

Předklinické údaje vztahující se k bezpečnosti

Ve studiích chronické perorální toxicity (potkani a opice) je cílovým orgánem ledvina, s reverzibilním poškozením.
Ve studiích in vitro ani in vivo nebyla pozorována žádná mutagenita.
Studie reprodukční toxicity (potkani, myši, králíci a opice) neprokázaly žádné známky embryotoxicity nebo teratogenity. Bylo však prokázáno, že inhibitory ACE jako skupina vyvolávají nežádoucí účinky na pozdní vývoj plodu, které vedou k úmrtí plodu a vrozeným vadám u hlodavců a králíků: byly pozorovány renální léze a zvýšení peri- a postnatální mortality. Fertilita nebyla narušena ani u samců, ani u samic potkanů.
V dlouhodobých studiích u potkanů a myší nebyla pozorována žádná karcinogenita.

FARMACEUTICKÉ ÚDAJE
Seznam pomocných látek

Jádro tablety
monohydrát laktosy
magnesium-stearát
maltodextrin
koloidní bezvodý oxid křemičitý
sodná sůl karboxymethylškrobu (typ A)

Potah tablety
glycerol
hypromelóza
měďnatý komplex chlorofylinu
makrogol 6000
magnesium-stearát
oxid titaničitý

Inkompatibility

Neuplatňuje se.

Doba použitelnosti

3 roky.
100 tablet v obalu: 3 roky.

Zvláštní opatření pro uchovávání

Uchovávejte obal dobře uzavřený, aby byl přípravek chráněn před vlhkostí.

Druh obalu a obsah balení

Bílý polypropylenový obal na tablety vybavený polyethylenovým redukčním uzávěrem a bílým neprůhledným polyethylenovým víčkem obsahujícím vysoušedlo.
Velikosti balení: 5, 10, 14, 20, 28, 30, 50, 60 (60 nebo 2 obaly po 30), 84 (84 nebo 3 obaly po 28), 90 (90 nebo 3 obaly po 30), 100 (100 nebo 2 obaly po 50), 120 (120 nebo 4 obaly po 30) a 500 (500 nebo 10 obalů po 50) tablet.
Na trhu nemusí být všechny velikosti balení.

Zvláštní opatření pro likvidaci přípravku a pro zacházení s ním

Žádné zvláštní požadavky na likvidaci.
Všechen nepoužitý léčivý přípravek nebo odpad musí být zlikvidován v souladu s místními požadavky.

Držitel rozhodnutí o registraci

Les Laboratoires Servier
50, rue Carnot
92284 Suresnes cedex
Francie

Registrační číslo

58/208/05-C

Datum první registrace / prodloužení registrace

Datum první registrace: 13. 4. 2005
Datum posledního prodloužení registrace: 29. 11. 2010

Datum revize textu

14. 2. 2019

Pharma
Pharma
Pharma
Pharma
Pharma
Pharma
Pharma
Pharma
Pharma
Pharma
Pharma
Pharma
Pharma
Pharma
Pharma
Pharma
Pharma
Pharma
Pharma
Pharma
Pharma
Pharma
Pharma
Pharma
Pharma
Pharma
Pharma
Pharma
